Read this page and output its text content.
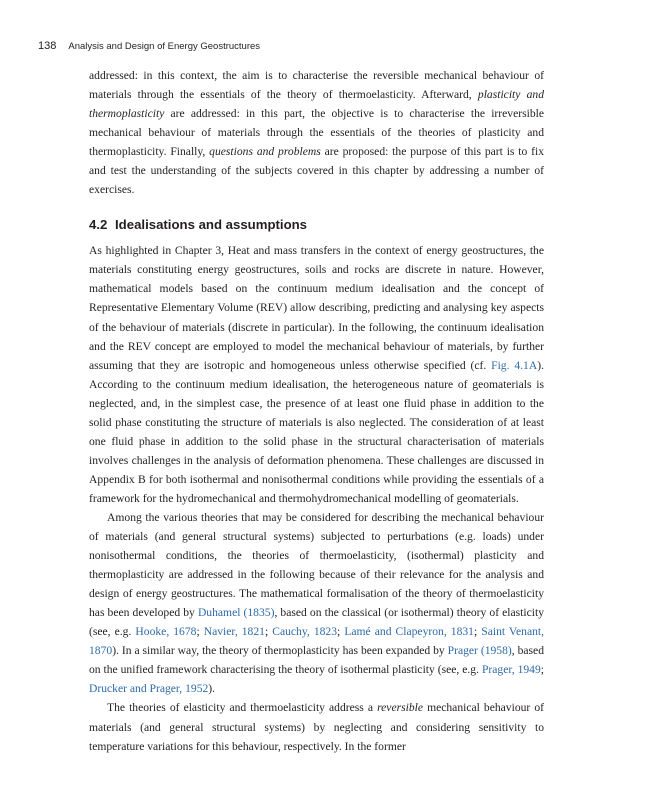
138 Analysis and Design of Energy Geostructures

addressed: in this context, the aim is to characterise the reversible mechanical behaviour of materials through the essentials of the theory of thermoelasticity. Afterward, plasticity and thermoplasticity are addressed: in this part, the objective is to characterise the irreversible mechanical behaviour of materials through the essentials of the theories of plasticity and thermoplasticity. Finally, questions and problems are proposed: the purpose of this part is to fix and test the understanding of the subjects covered in this chapter by addressing a number of exercises.

4.2 Idealisations and assumptions

As highlighted in Chapter 3, Heat and mass transfers in the context of energy geostructures, the materials constituting energy geostructures, soils and rocks are discrete in nature. However, mathematical models based on the continuum medium idealisation and the concept of Representative Elementary Volume (REV) allow describing, predicting and analysing key aspects of the behaviour of materials (discrete in particular). In the following, the continuum idealisation and the REV concept are employed to model the mechanical behaviour of materials, by further assuming that they are isotropic and homogeneous unless otherwise specified (cf. Fig. 4.1A). According to the continuum medium idealisation, the heterogeneous nature of geomaterials is neglected, and, in the simplest case, the presence of at least one fluid phase in addition to the solid phase constituting the structure of materials is also neglected. The consideration of at least one fluid phase in addition to the solid phase in the structural characterisation of materials involves challenges in the analysis of deformation phenomena. These challenges are discussed in Appendix B for both isothermal and nonisothermal conditions while providing the essentials of a framework for the hydromechanical and thermohydromechanical modelling of geomaterials.

Among the various theories that may be considered for describing the mechanical behaviour of materials (and general structural systems) subjected to perturbations (e.g. loads) under nonisothermal conditions, the theories of thermoelasticity, (isothermal) plasticity and thermoplasticity are addressed in the following because of their relevance for the analysis and design of energy geostructures. The mathematical formalisation of the theory of thermoelasticity has been developed by Duhamel (1835), based on the classical (or isothermal) theory of elasticity (see, e.g. Hooke, 1678; Navier, 1821; Cauchy, 1823; Lamé and Clapeyron, 1831; Saint Venant, 1870). In a similar way, the theory of thermoplasticity has been expanded by Prager (1958), based on the unified framework characterising the theory of isothermal plasticity (see, e.g. Prager, 1949; Drucker and Prager, 1952).

The theories of elasticity and thermoelasticity address a reversible mechanical behaviour of materials (and general structural systems) by neglecting and considering sensitivity to temperature variations for this behaviour, respectively. In the former
